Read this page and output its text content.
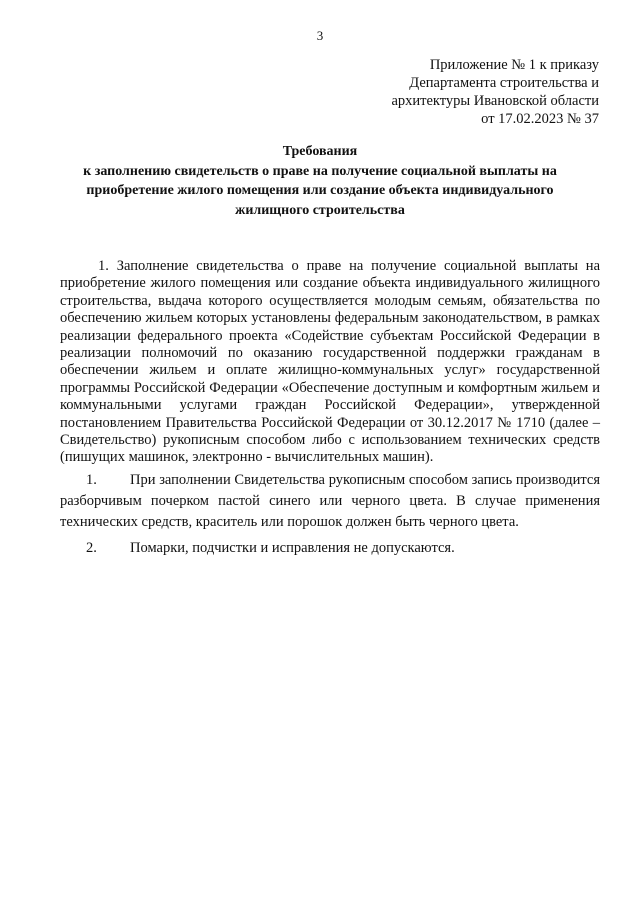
3
Приложение № 1 к приказу
Департамента строительства и
архитектуры Ивановской области
от 17.02.2023 № 37
Требования
к заполнению свидетельств о праве на получение социальной выплаты на
приобретение жилого помещения или создание объекта индивидуального
жилищного строительства

1. Заполнение свидетельства о праве на получение социальной выплаты на приобретение жилого помещения или создание объекта индивидуального жилищного строительства, выдача которого осуществляется молодым семьям, обязательства по обеспечению жильем которых установлены федеральным законодательством, в рамках реализации федерального проекта «Содействие субъектам Российской Федерации в реализации полномочий по оказанию государственной поддержки гражданам в обеспечении жильем и оплате жилищно-коммунальных услуг» государственной программы Российской Федерации «Обеспечение доступным и комфортным жильем и коммунальными услугами граждан Российской Федерации», утвержденной постановлением Правительства Российской Федерации от 30.12.2017 № 1710 (далее – Свидетельство) рукописным способом либо с использованием технических средств (пишущих машинок, электронно - вычислительных машин).

1. При заполнении Свидетельства рукописным способом запись производится разборчивым почерком пастой синего или черного цвета. В случае применения технических средств, краситель или порошок должен быть черного цвета.
2.	Помарки, подчистки и исправления не допускаются.
